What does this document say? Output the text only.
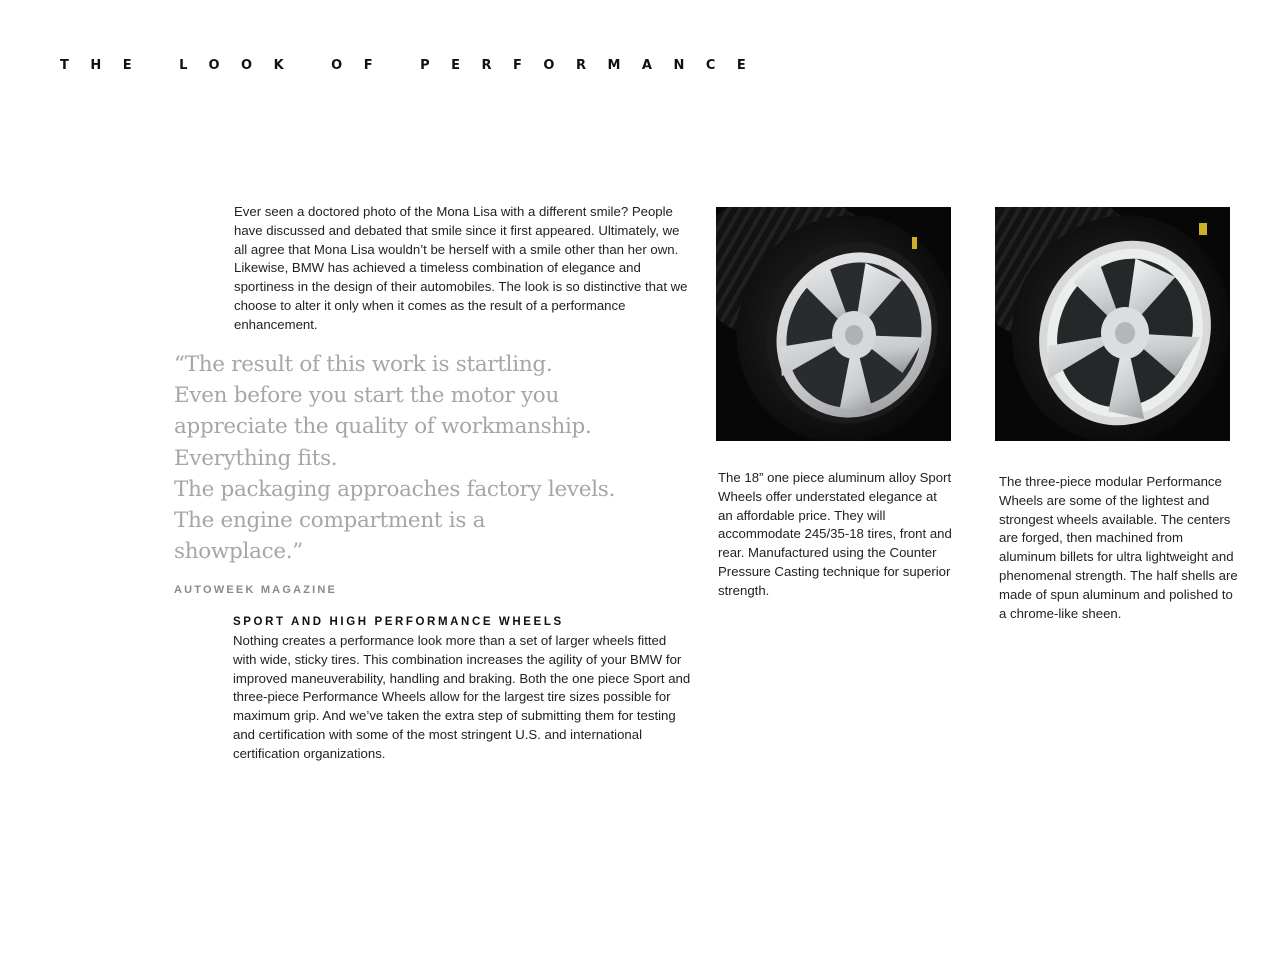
THE LOOK OF PERFORMANCE

Ever seen a doctored photo of the Mona Lisa with a different smile? People have discussed and debated that smile since it first appeared. Ultimately, we all agree that Mona Lisa wouldn’t be herself with a smile other than her own. Likewise, BMW has achieved a timeless combination of elegance and sportiness in the design of their automobiles. The look is so distinctive that we choose to alter it only when it comes as the result of a performance enhancement.

“The result of this work is startling.
Even before you start the motor you
appreciate the quality of workmanship.
Everything fits.
The packaging approaches factory levels.
The engine compartment is a
showplace.”

AUTOWEEK MAGAZINE

SPORT AND HIGH PERFORMANCE WHEELS

Nothing creates a performance look more than a set of larger wheels fitted with wide, sticky tires. This combination increases the agility of your BMW for improved maneuverability, handling and braking. Both the one piece Sport and three-piece Performance Wheels allow for the largest tire sizes possible for maximum grip. And we’ve taken the extra step of submitting them for testing and certification with some of the most stringent U.S. and international certification organizations.

The 18” one piece aluminum alloy Sport Wheels offer understated elegance at an affordable price. They will accommodate 245/35-18 tires, front and rear. Manufactured using the Counter Pressure Casting technique for superior strength.

The three-piece modular Performance Wheels are some of the lightest and strongest wheels available. The centers are forged, then machined from aluminum billets for ultra lightweight and phenomenal strength. The half shells are made of spun aluminum and polished to a chrome-like sheen.
